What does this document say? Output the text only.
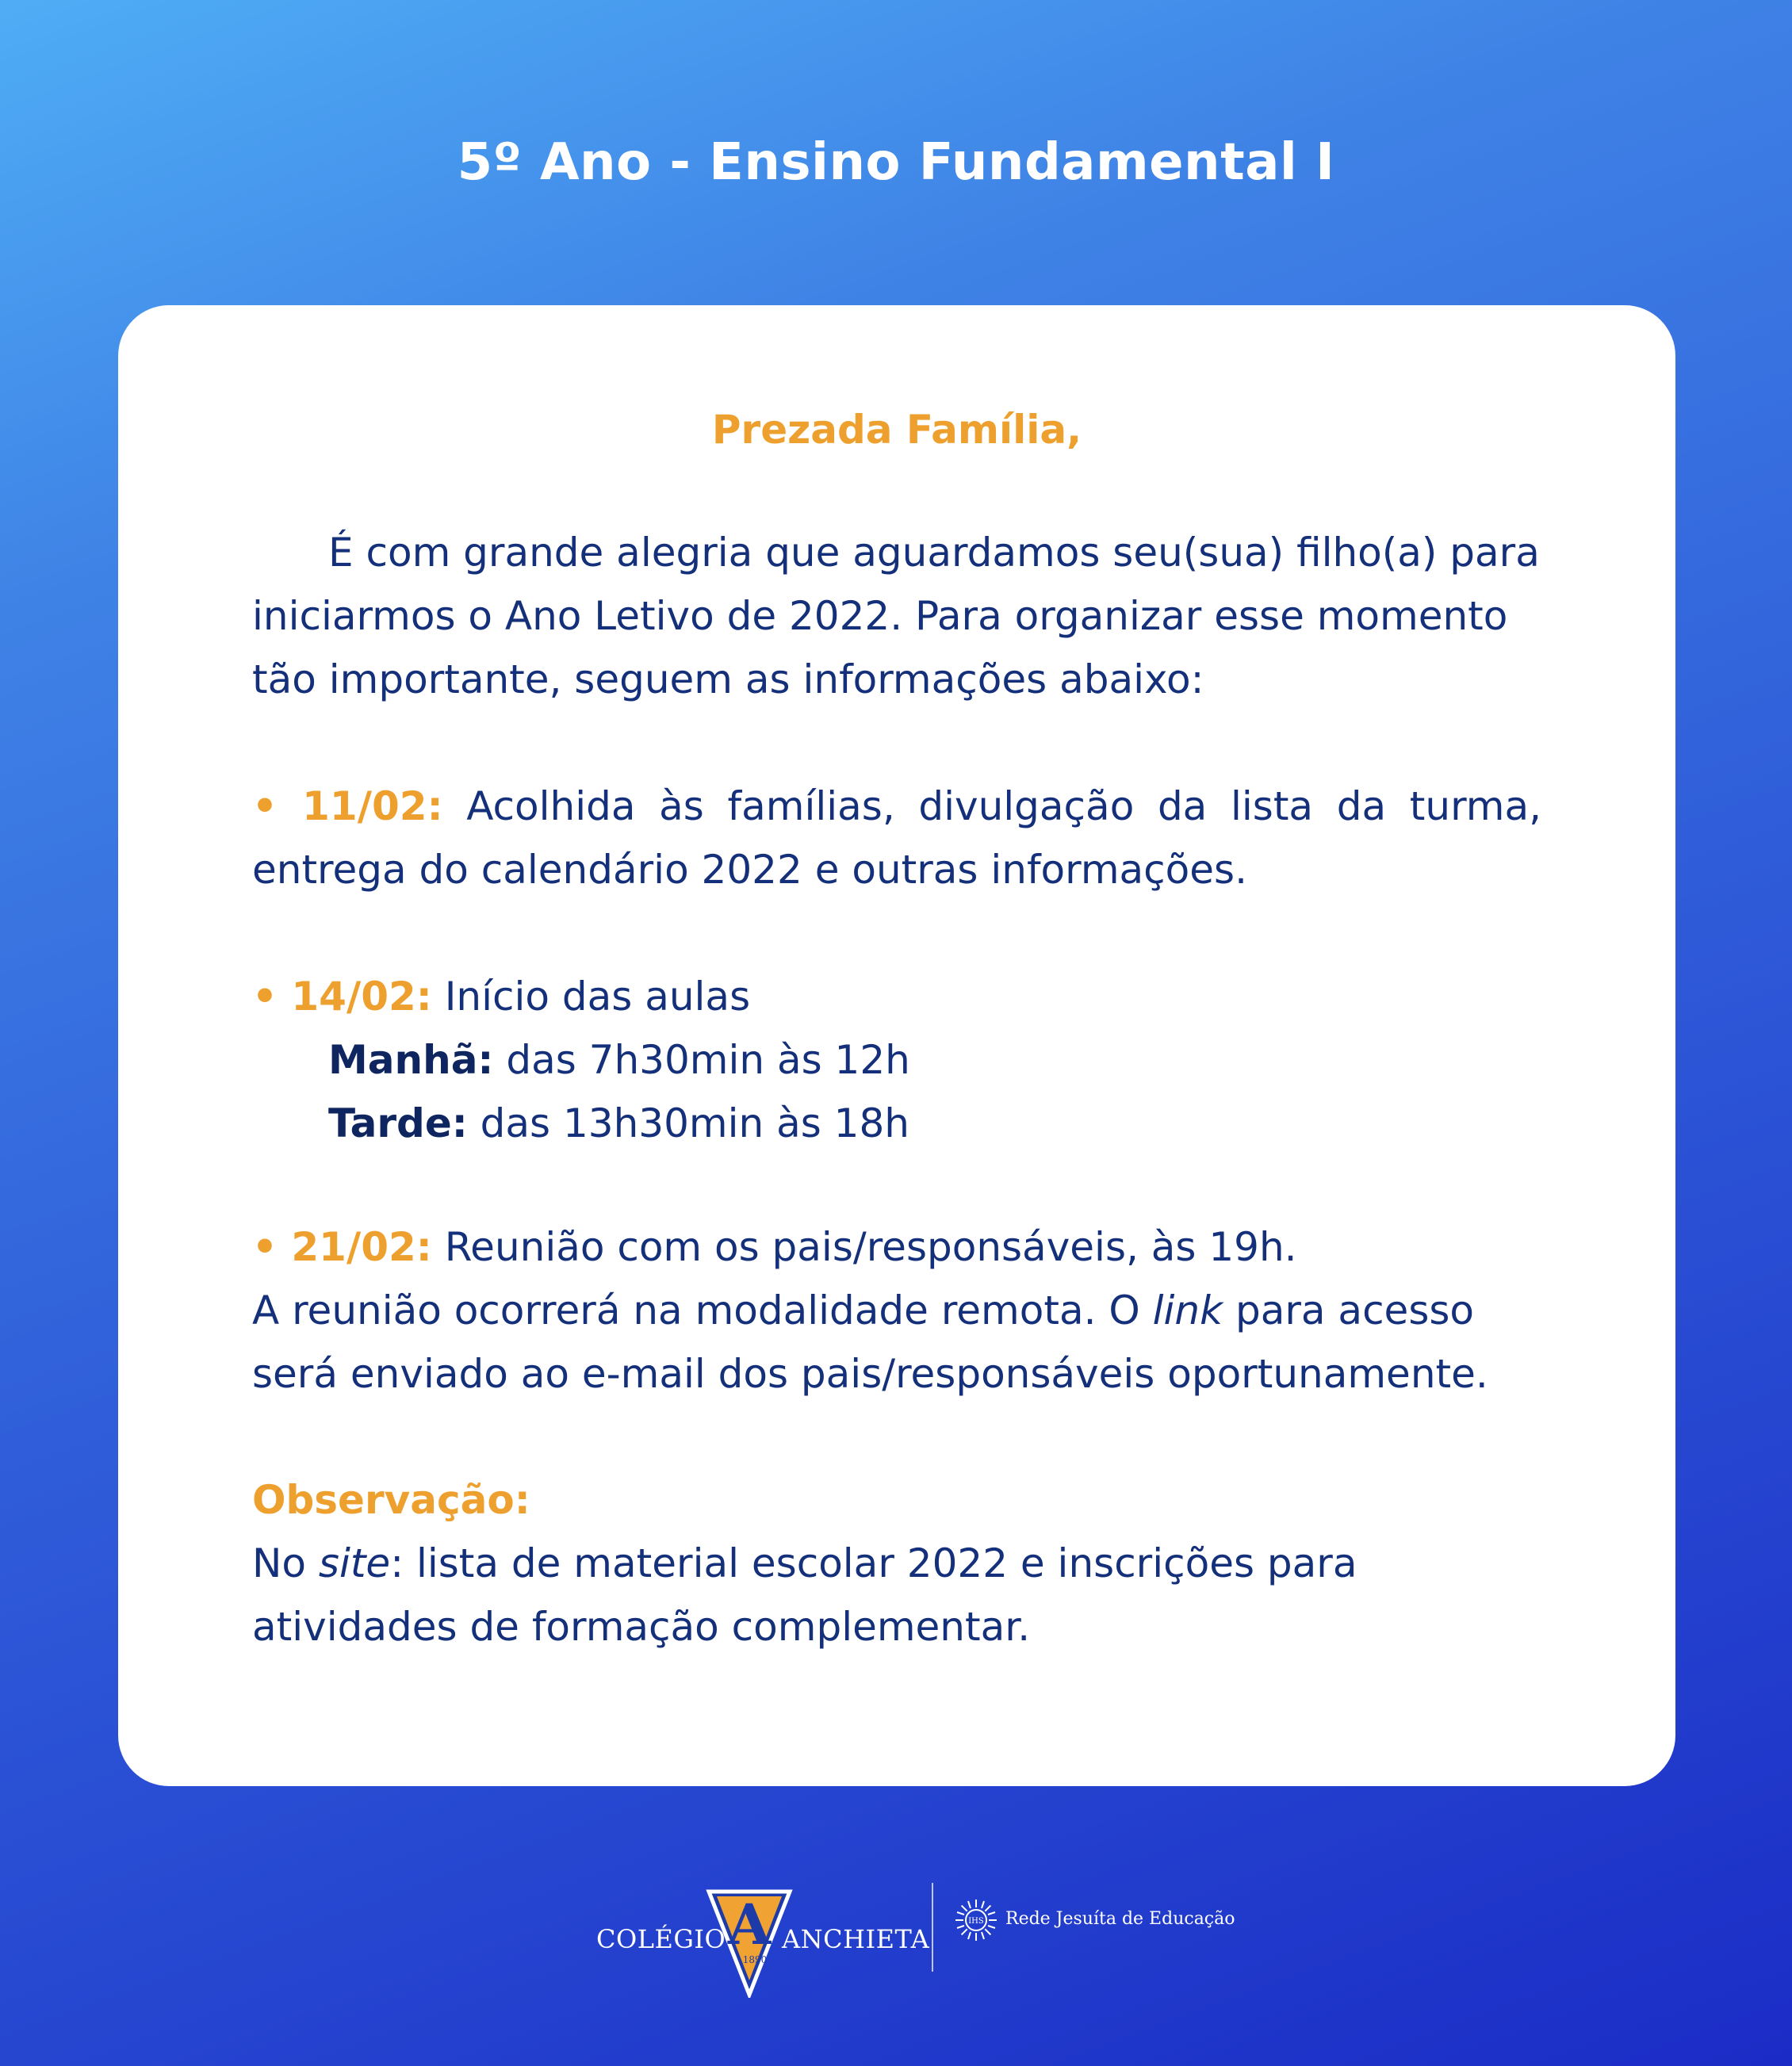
5º Ano - Ensino Fundamental I
Prezada Família,
É com grande alegria que aguardamos seu(sua) filho(a) para iniciarmos o Ano Letivo de 2022. Para organizar esse momento tão importante, seguem as informações abaixo:
• 11/02: Acolhida às famílias, divulgação da lista da turma, entrega do calendário 2022 e outras informações.
• 14/02: Início das aulas
Manhã: das 7h30min às 12h
Tarde: das 13h30min às 18h
• 21/02: Reunião com os pais/responsáveis, às 19h.
A reunião ocorrerá na modalidade remota. O link para acesso será enviado ao e-mail dos pais/responsáveis oportunamente.
Observação:
No site: lista de material escolar 2022 e inscrições para atividades de formação complementar.
COLÉGIO A
1890
ANCHIETA
IHS Rede Jesuíta de Educação
